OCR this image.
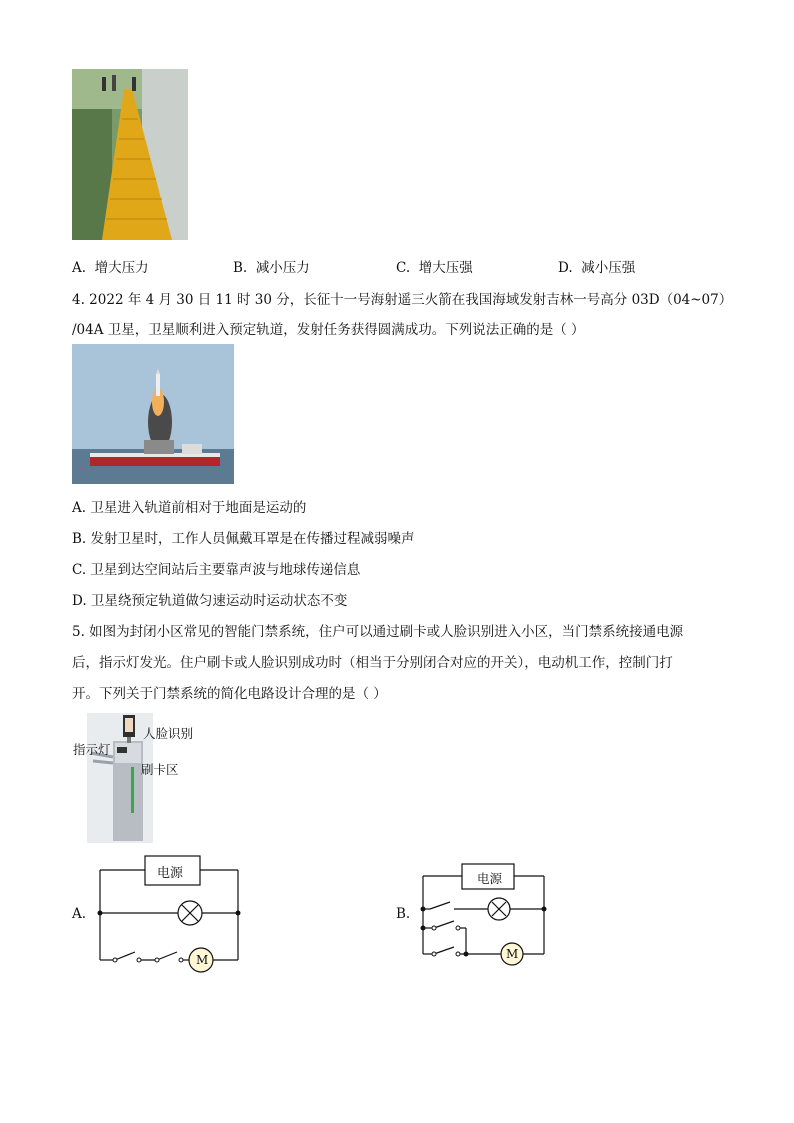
A. 增大压力	B. 减小压力	C. 增大压强	D. 减小压强
4. 2022 年 4 月 30 日 11 时 30 分，长征十一号海射遥三火箭在我国海域发射吉林一号高分 03D（04~07）
/04A 卫星，卫星顺利进入预定轨道，发射任务获得圆满成功。下列说法正确的是（ ）
A. 卫星进入轨道前相对于地面是运动的
B. 发射卫星时，工作人员佩戴耳罩是在传播过程减弱噪声
C. 卫星到达空间站后主要靠声波与地球传递信息
D. 卫星绕预定轨道做匀速运动时运动状态不变
5. 如图为封闭小区常见的智能门禁系统，住户可以通过刷卡或人脸识别进入小区，当门禁系统接通电源
后，指示灯发光。住户刷卡或人脸识别成功时（相当于分别闭合对应的开关），电动机工作，控制门打
开。下列关于门禁系统的简化电路设计合理的是（ ）
人脸识别
指示灯
刷卡区
A.
电源
M
B.
电源
M
